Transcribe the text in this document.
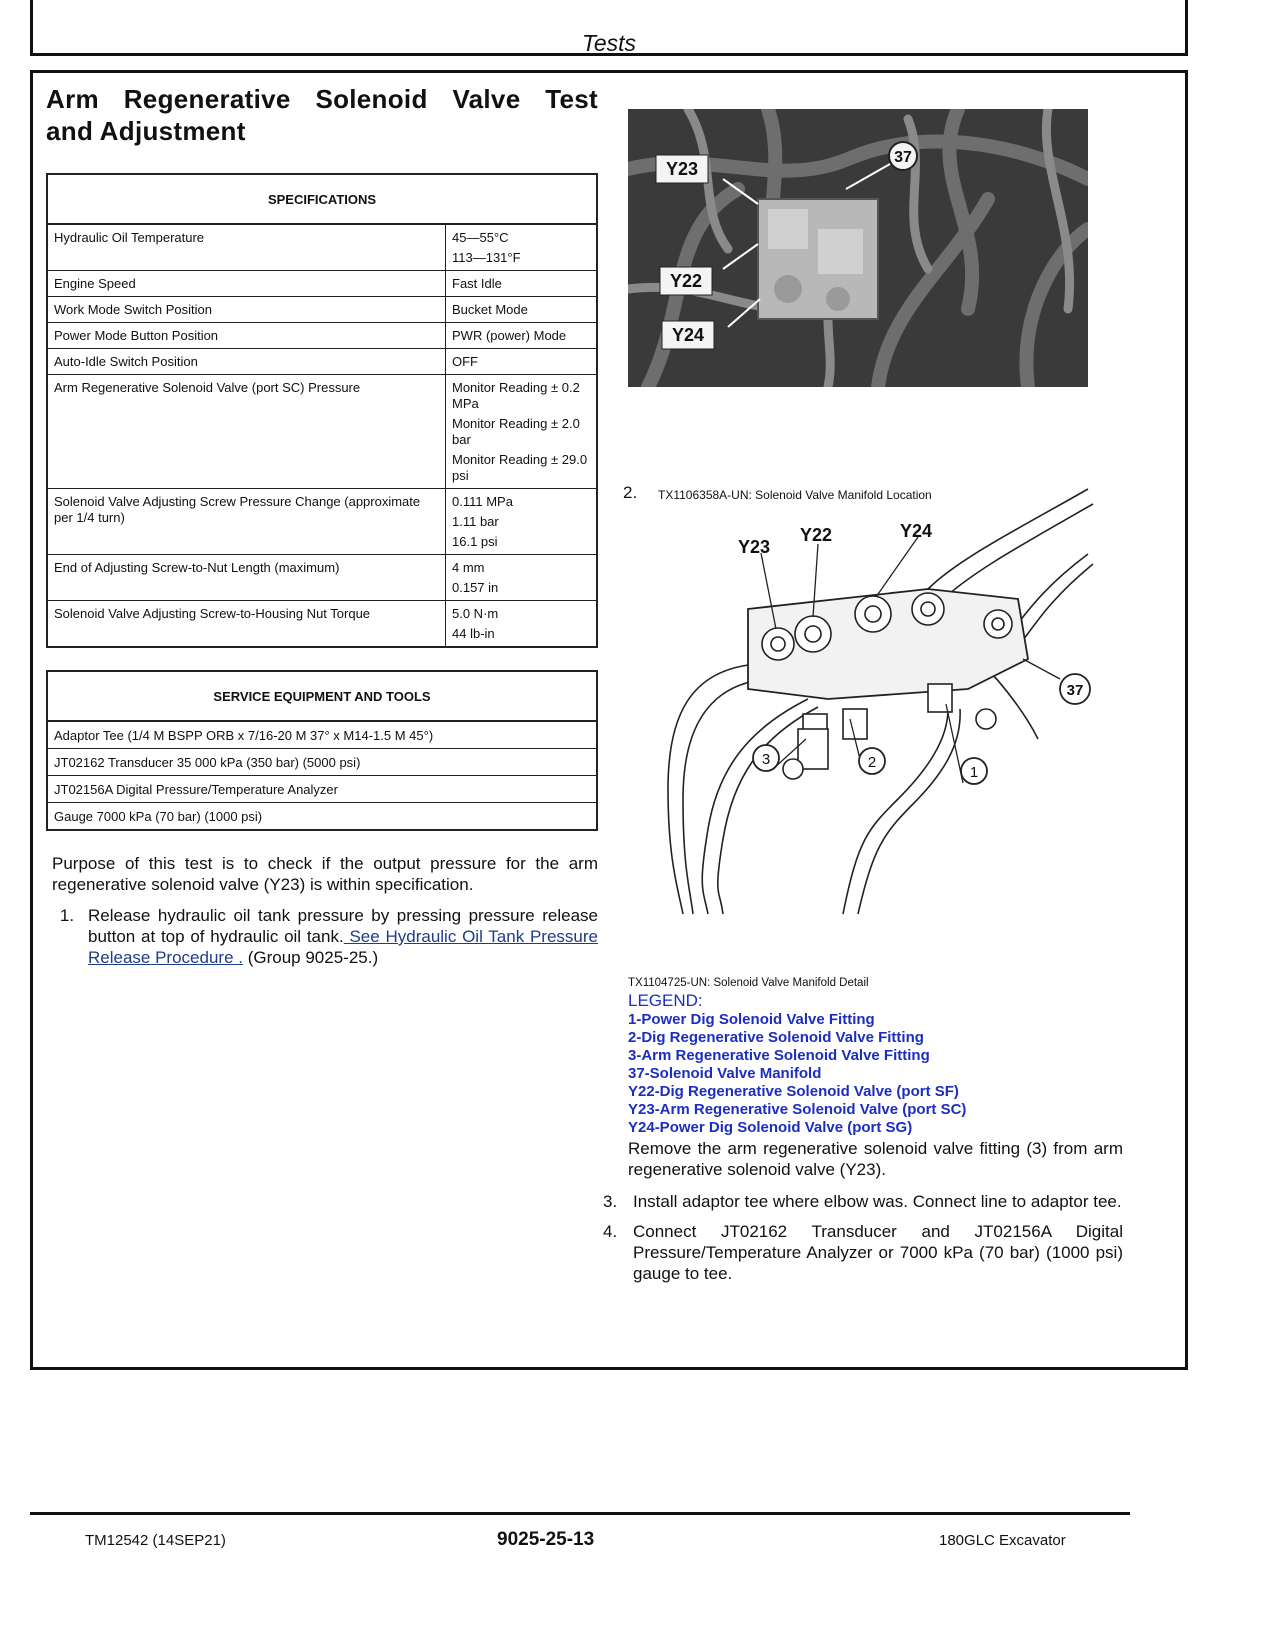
Tests
Arm Regenerative Solenoid Valve Test
and Adjustment
SPECIFICATIONS	
Hydraulic Oil Temperature	45—55°C
113—131°F

Engine Speed	Fast Idle

Work Mode Switch Position	Bucket Mode

Power Mode Button Position	PWR (power) Mode

Auto-Idle Switch Position	OFF

Arm Regenerative Solenoid Valve (port SC) Pressure	Monitor Reading ± 0.2 MPa
Monitor Reading ± 2.0 bar
Monitor Reading ± 29.0 psi

Solenoid Valve Adjusting Screw Pressure Change (approximate per 1/4 turn)	0.111 MPa
1.11 bar
16.1 psi

End of Adjusting Screw-to-Nut Length (maximum)	4 mm
0.157 in

Solenoid Valve Adjusting Screw-to-Housing Nut Torque	5.0 N·m
44 lb-in
SERVICE EQUIPMENT AND TOOLS
Adaptor Tee (1/4 M BSPP ORB x 7/16-20 M 37° x M14-1.5 M 45°)
JT02162 Transducer 35 000 kPa (350 bar) (5000 psi)
JT02156A Digital Pressure/Temperature Analyzer
Gauge 7000 kPa (70 bar) (1000 psi)

Purpose of this test is to check if the output pressure for the arm regenerative solenoid valve (Y23) is within specification.

1. Release hydraulic oil tank pressure by pressing pressure release button at top of hydraulic oil tank. See Hydraulic Oil Tank Pressure Release Procedure . (Group 9025-25.)
Y23
Y22
Y24
37
2. TX1106358A-UN: Solenoid Valve Manifold Location
Y23
Y22	Y24
37
3	2
1
TX1104725-UN: Solenoid Valve Manifold Detail
LEGEND:
1-Power Dig Solenoid Valve Fitting
2-Dig Regenerative Solenoid Valve Fitting
3-Arm Regenerative Solenoid Valve Fitting
37-Solenoid Valve Manifold
Y22-Dig Regenerative Solenoid Valve (port SF)
Y23-Arm Regenerative Solenoid Valve (port SC)
Y24-Power Dig Solenoid Valve (port SG)
Remove the arm regenerative solenoid valve fitting (3) from arm regenerative solenoid valve (Y23).
3. Install adaptor tee where elbow was. Connect line to adaptor tee.
4. Connect JT02162 Transducer and JT02156A Digital Pressure/Temperature Analyzer or 7000 kPa (70 bar) (1000 psi) gauge to tee.
TM12542 (14SEP21)	9025-25-13	180GLC Excavator
